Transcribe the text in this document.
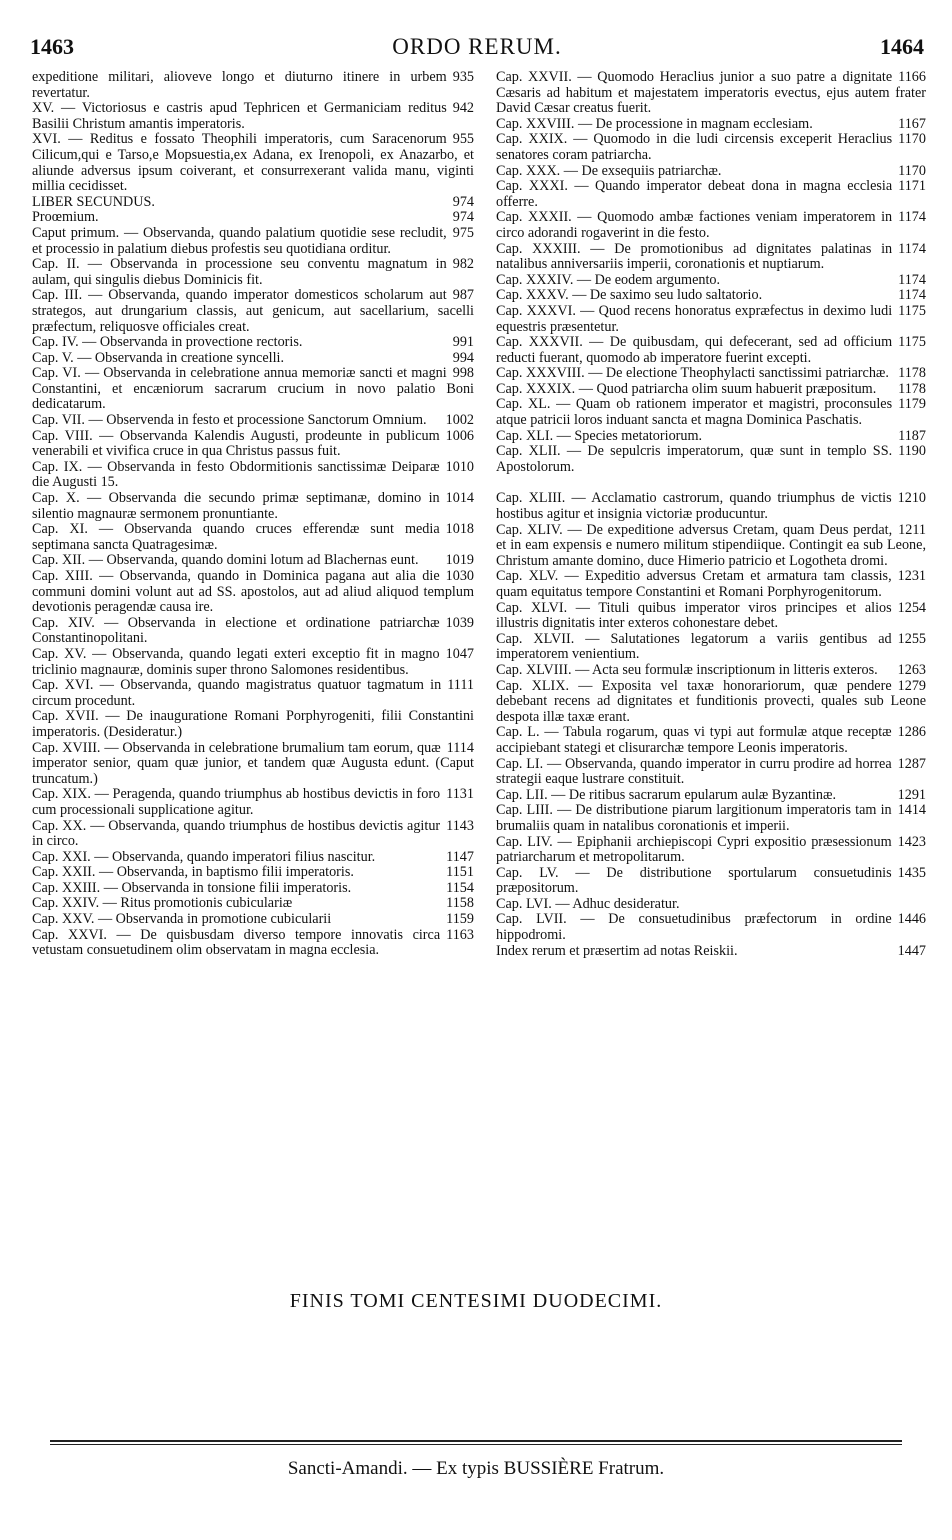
1463	ORDO RERUM.	1464
935
expeditione militari, alioveve longo et diuturno itinere in urbem revertatur.
942
XV. — Victoriosus e castris apud Tephricen et Germaniciam reditus Basilii Christum amantis imperatoris.
955
XVI. — Reditus e fossato Theophili imperatoris, cum Saracenorum Cilicum,qui e Tarso,e Mopsuestia,ex Adana, ex Irenopoli, ex Anazarbo, et aliunde adversus ipsum coiverant, et consurrexerant valida manu, viginti millia cecidisset.
974
LIBER SECUNDUS.
974
Proœmium.
975
Caput primum. — Observanda, quando palatium quotidie sese recludit, et processio in palatium diebus profestis seu quotidiana orditur.
982
Cap. II. — Observanda in processione seu conventu magnatum in aulam, qui singulis diebus Dominicis fit.
987
Cap. III. — Observanda, quando imperator domesticos scholarum aut strategos, aut drungarium classis, aut genicum, aut sacellarium, sacelli præfectum, reliquosve officiales creat.
991
Cap. IV. — Observanda in provectione rectoris.
994
Cap. V. — Observanda in creatione syncelli.
998
Cap. VI. — Observanda in celebratione annua memoriæ sancti et magni Constantini, et encæniorum sacrarum crucium in novo palatio Boni dedicatarum.
1002
Cap. VII. — Observenda in festo et processione Sanctorum Omnium.
1006
Cap. VIII. — Observanda Kalendis Augusti, prodeunte in publicum venerabili et vivifica cruce in qua Christus passus fuit.
1010
Cap. IX. — Observanda in festo Obdormitionis sanctissimæ Deiparæ die Augusti 15.
1014
Cap. X. — Observanda die secundo primæ septimanæ, domino in silentio magnauræ sermonem pronuntiante.
1018
Cap. XI. — Observanda quando cruces efferendæ sunt media septimana sancta Quatragesimæ.
1019
Cap. XII. — Observanda, quando domini lotum ad Blachernas eunt.
1030
Cap. XIII. — Observanda, quando in Dominica pagana aut alia die communi domini volunt aut ad SS. apostolos, aut ad aliud aliquod templum devotionis peragendæ causa ire.
1039
Cap. XIV. — Observanda in electione et ordinatione patriarchæ Constantinopolitani.
1047
Cap. XV. — Observanda, quando legati exteri exceptio fit in magno triclinio magnauræ, dominis super throno Salomones residentibus.
1111
Cap. XVI. — Observanda, quando magistratus quatuor tagmatum in circum procedunt.
Cap. XVII. — De inauguratione Romani Porphyrogeniti, filii Constantini imperatoris. (Desideratur.)
1114
Cap. XVIII. — Observanda in celebratione brumalium tam eorum, quæ imperator senior, quam quæ junior, et tandem quæ Augusta edunt. (Caput truncatum.)
1131
Cap. XIX. — Peragenda, quando triumphus ab hostibus devictis in foro cum processionali supplicatione agitur.
1143
Cap. XX. — Observanda, quando triumphus de hostibus devictis agitur in circo.
1147
Cap. XXI. — Observanda, quando imperatori filius nascitur.
1151
Cap. XXII. — Observanda, in baptismo filii imperatoris.
1154
Cap. XXIII. — Observanda in tonsione filii imperatoris.
1158
Cap. XXIV. — Ritus promotionis cubiculariæ
1159
Cap. XXV. — Observanda in promotione cubicularii
1163
Cap. XXVI. — De quisbusdam diverso tempore innovatis circa vetustam consuetudinem olim observatam in magna ecclesia.
1166
Cap. XXVII. — Quomodo Heraclius junior a suo patre a dignitate Cæsaris ad habitum et majestatem imperatoris evectus, ejus autem frater David Cæsar creatus fuerit.
1167
Cap. XXVIII. — De processione in magnam ecclesiam.
1170
Cap. XXIX. — Quomodo in die ludi circensis exceperit Heraclius senatores coram patriarcha.
1170
Cap. XXX. — De exsequiis patriarchæ.
1171
Cap. XXXI. — Quando imperator debeat dona in magna ecclesia offerre.
1174
Cap. XXXII. — Quomodo ambæ factiones veniam imperatorem in circo adorandi rogaverint in die festo.
1174
Cap. XXXIII. — De promotionibus ad dignitates palatinas in natalibus anniversariis imperii, coronationis et nuptiarum.
1174
Cap. XXXIV. — De eodem argumento.
1174
Cap. XXXV. — De saximo seu ludo saltatorio.
1175
Cap. XXXVI. — Quod recens honoratus expræfectus in deximo ludi equestris præsentetur.
1175
Cap. XXXVII. — De quibusdam, qui defecerant, sed ad officium reducti fuerant, quomodo ab imperatore fuerint excepti.
1178
Cap. XXXVIII. — De electione Theophylacti sanctissimi patriarchæ.
1178
Cap. XXXIX. — Quod patriarcha olim suum habuerit præpositum.
1179
Cap. XL. — Quam ob rationem imperator et magistri, proconsules atque patricii loros induant sancta et magna Dominica Paschatis.
1187
Cap. XLI. — Species metatoriorum.
1190
Cap. XLII. — De sepulcris imperatorum, quæ sunt in templo SS. Apostolorum.
1210
Cap. XLIII. — Acclamatio castrorum, quando triumphus de victis hostibus agitur et insignia victoriæ producuntur.
1211
Cap. XLIV. — De expeditione adversus Cretam, quam Deus perdat, et in eam expensis e numero militum stipendiique. Contingit ea sub Leone, Christum amante domino, duce Himerio patricio et Logotheta dromi.
1231
Cap. XLV. — Expeditio adversus Cretam et armatura tam classis, quam equitatus tempore Constantini et Romani Porphyrogenitorum.
1254
Cap. XLVI. — Tituli quibus imperator viros principes et alios illustris dignitatis inter exteros cohonestare debet.
1255
Cap. XLVII. — Salutationes legatorum a variis gentibus ad imperatorem venientium.
1263
Cap. XLVIII. — Acta seu formulæ inscriptionum in litteris exteros.
1279
Cap. XLIX. — Exposita vel taxæ honorariorum, quæ pendere debebant recens ad dignitates et funditionis provecti, quales sub Leone despota illæ taxæ erant.
1286
Cap. L. — Tabula rogarum, quas vi typi aut formulæ atque receptæ accipiebant stategi et clisurarchæ tempore Leonis imperatoris.
1287
Cap. LI. — Observanda, quando imperator in curru prodire ad horrea strategii eaque lustrare constituit.
1291
Cap. LII. — De ritibus sacrarum epularum aulæ Byzantinæ.
1414
Cap. LIII. — De distributione piarum largitionum imperatoris tam in brumaliis quam in natalibus coronationis et imperii.
1423
Cap. LIV. — Epiphanii archiepiscopi Cypri expositio præsessionum patriarcharum et metropolitarum.
1435
Cap. LV. — De distributione sportularum consuetudinis præpositorum.
Cap. LVI. — Adhuc desideratur.
1446
Cap. LVII. — De consuetudinibus præfectorum in ordine hippodromi.
1447
Index rerum et præsertim ad notas Reiskii.
FINIS TOMI CENTESIMI DUODECIMI.
Sancti-Amandi. — Ex typis BUSSIÈRE Fratrum.
